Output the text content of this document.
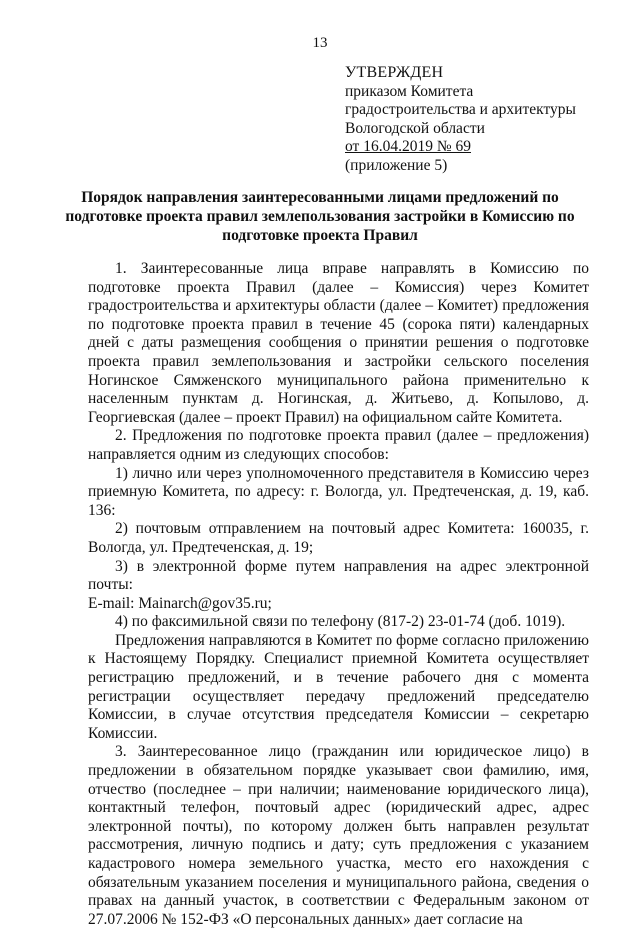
13
УТВЕРЖДЕН
приказом Комитета
градостроительства и архитектуры
Вологодской области
от 16.04.2019 № 69
(приложение 5)
Порядок направления заинтересованными лицами предложений по подготовке проекта правил землепользования застройки в Комиссию по подготовке проекта Правил

1. Заинтересованные лица вправе направлять в Комиссию по подготовке проекта Правил (далее – Комиссия) через Комитет градостроительства и архитектуры области (далее – Комитет) предложения по подготовке проекта правил в течение 45 (сорока пяти) календарных дней с даты размещения сообщения о принятии решения о подготовке проекта правил землепользования и застройки сельского поселения Ногинское Сямженского муниципального района применительно к населенным пунктам д. Ногинская, д. Житьево, д. Копылово, д. Георгиевская (далее – проект Правил) на официальном сайте Комитета.

2. Предложения по подготовке проекта правил (далее – предложения) направляется одним из следующих способов:

1) лично или через уполномоченного представителя в Комиссию через приемную Комитета, по адресу: г. Вологда, ул. Предтеченская, д. 19, каб. 136:

2) почтовым отправлением на почтовый адрес Комитета: 160035, г. Вологда, ул. Предтеченская, д. 19;

3) в электронной форме путем направления на адрес электронной почты:

E-mail: Mainarch@gov35.ru;

4) по факсимильной связи по телефону (817-2) 23-01-74 (доб. 1019).

Предложения направляются в Комитет по форме согласно приложению к Настоящему Порядку. Специалист приемной Комитета осуществляет регистрацию предложений, и в течение рабочего дня с момента регистрации осуществляет передачу предложений председателю Комиссии, в случае отсутствия председателя Комиссии – секретарю Комиссии.

3. Заинтересованное лицо (гражданин или юридическое лицо) в предложении в обязательном порядке указывает свои фамилию, имя, отчество (последнее – при наличии; наименование юридического лица), контактный телефон, почтовый адрес (юридический адрес, адрес электронной почты), по которому должен быть направлен результат рассмотрения, личную подпись и дату; суть предложения с указанием кадастрового номера земельного участка, место его нахождения с обязательным указанием поселения и муниципального района, сведения о правах на данный участок, в соответствии с Федеральным законом от 27.07.2006 № 152-ФЗ «О персональных данных» дает согласие на
